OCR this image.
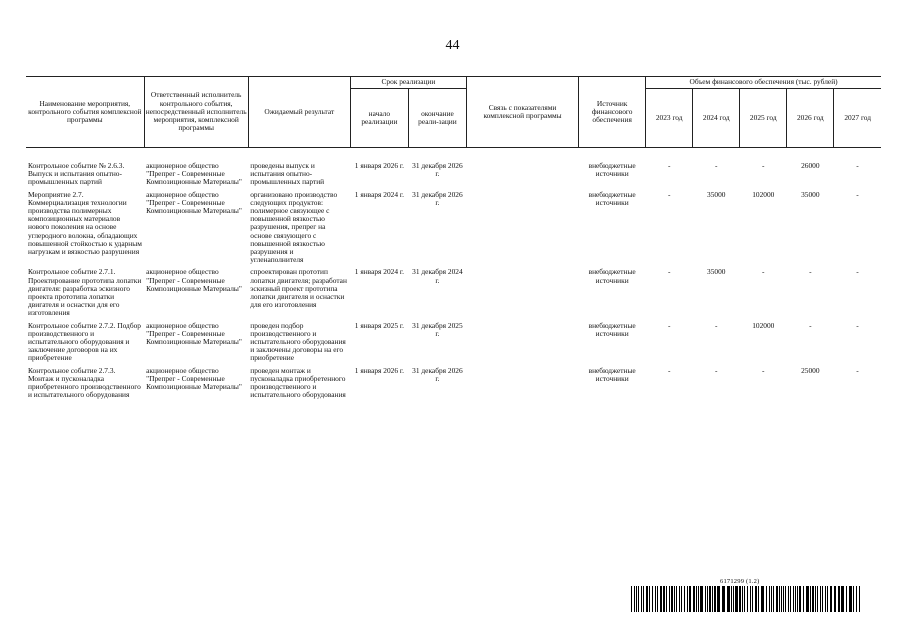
44
Наименование мероприятия, контрольного события комплексной программы	Ответственный исполнитель контрольного события, непосредственный исполнитель мероприятия, комплексной программы	Ожидаемый результат	Срок реализации		Связь с показателями комплексной программы	Источник финансового обеспечения	Объем финансового обеспечения (тыс. рублей)				
			начало реализации	окончание реали-зации			2023 год	2024 год	2025 год	2026 год	2027 год

Контрольное событие № 2.6.3. Выпуск и испытания опытно-промышленных партий	акционерное общество "Препрег - Современные Композиционные Материалы"	проведены выпуск и испытания опытно-промышленных партий	1 января 2026 г.	31 декабря 2026 г.		внебюджетные источники	-	-	-	26000	-
Мероприятие 2.7. Коммерциализация технологии производства полимерных композиционных материалов нового поколения на основе углеродного волокна, обладающих повышенной стойкостью к ударным нагрузкам и вязкостью разрушения	акционерное общество "Препрег - Современные Композиционные Материалы"	организовано производство следующих продуктов: полимерное связующее с повышенной вязкостью разрушения, препрег на основе связующего с повышенной вязкостью разрушения и угленаполнителя	1 января 2024 г.	31 декабря 2026 г.		внебюджетные источники	-	35000	102000	35000	-
Контрольное событие 2.7.1. Проектирование прототипа лопатки двигателя: разработка эскизного проекта прототипа лопатки двигателя и оснастки для его изготовления	акционерное общество "Препрег - Современные Композиционные Материалы"	спроектирован прототип лопатки двигателя; разработан эскизный проект прототипа лопатки двигателя и оснастки для его изготовления	1 января 2024 г.	31 декабря 2024 г.		внебюджетные источники	-	35000	-	-	-
Контрольное событие 2.7.2. Подбор производственного и испытательного оборудования и заключение договоров на их приобретение	акционерное общество "Препрег - Современные Композиционные Материалы"	проведен подбор производственного и испытательного оборудования и заключены договоры на его приобретение	1 января 2025 г.	31 декабря 2025 г.		внебюджетные источники	-	-	102000	-	-
Контрольное событие 2.7.3. Монтаж и пусконаладка приобретенного производственного и испытательного оборудования	акционерное общество "Препрег - Современные Композиционные Материалы"	проведен монтаж и пусконаладка приобретенного производственного и испытательного оборудования	1 января 2026 г.	31 декабря 2026 г.		внебюджетные источники	-	-	-	25000	-
6171299 (1.2)
